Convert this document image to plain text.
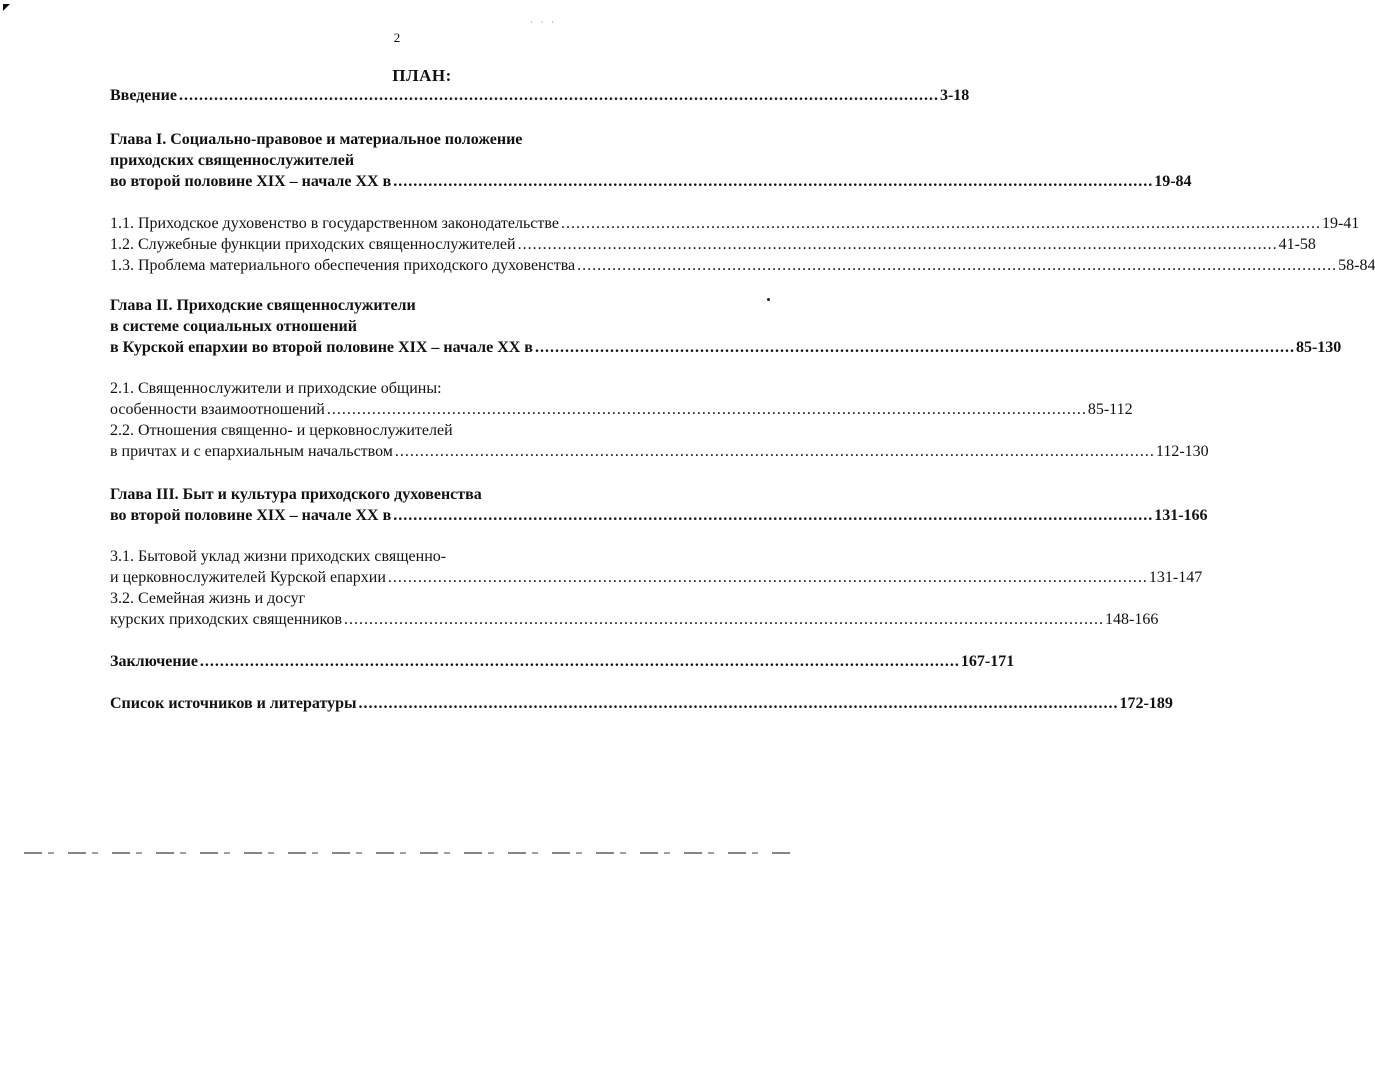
···
2
ПЛАН:
Введение ........................................................................................................................................................ 3-18
Глава I. Социально-правовое и материальное положение
приходских священнослужителей
во второй половине XIX – начале XX в ........................................................................................................................................................ 19-84
1.1. Приходское духовенство в государственном законодательстве ........................................................................................................................................................ 19-41
1.2. Служебные функции приходских священнослужителей ........................................................................................................................................................ 41-58
1.3. Проблема материального обеспечения приходского духовенства ........................................................................................................................................................ 58-84
Глава II. Приходские священнослужители
в системе социальных отношений
в Курской епархии во второй половине XIX – начале XX в ........................................................................................................................................................ 85-130
2.1. Священнослужители и приходские общины:
особенности взаимоотношений ........................................................................................................................................................ 85-112
2.2. Отношения священно- и церковнослужителей
в причтах и с епархиальным начальством ........................................................................................................................................................ 112-130
Глава III. Быт и культура приходского духовенства
во второй половине XIX – начале XX в ........................................................................................................................................................ 131-166
3.1. Бытовой уклад жизни приходских священно-
и церковнослужителей Курской епархии ........................................................................................................................................................ 131-147
3.2. Семейная жизнь и досуг
курских приходских священников ........................................................................................................................................................ 148-166
Заключение ........................................................................................................................................................ 167-171
Список источников и литературы ........................................................................................................................................................ 172-189
